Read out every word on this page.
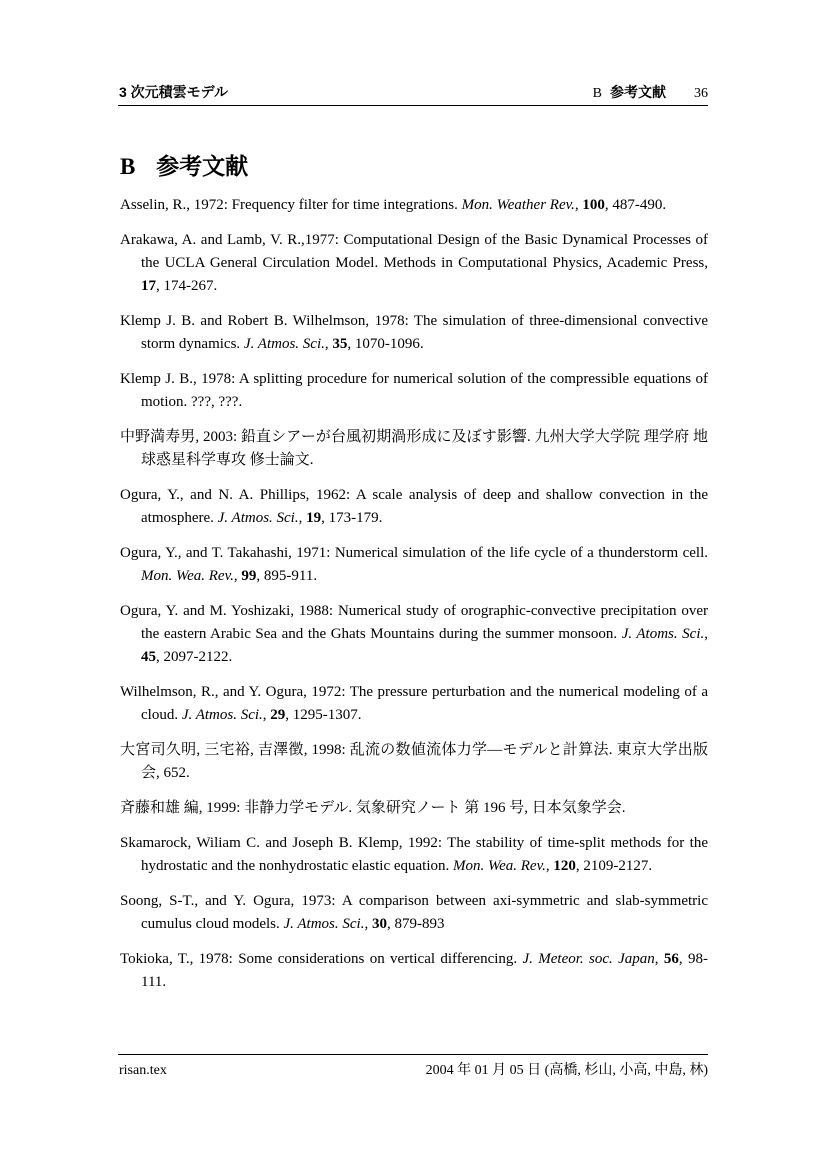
3 次元積雲モデル	B 参考文献 36
B 参考文献

Asselin, R., 1972: Frequency filter for time integrations. Mon. Weather Rev., 100, 487-490.

Arakawa, A. and Lamb, V. R.,1977: Computational Design of the Basic Dynamical Processes of the UCLA General Circulation Model. Methods in Computational Physics, Academic Press, 17, 174-267.

Klemp J. B. and Robert B. Wilhelmson, 1978: The simulation of three-dimensional convective storm dynamics. J. Atmos. Sci., 35, 1070-1096.

Klemp J. B., 1978: A splitting procedure for numerical solution of the compressible equations of motion. ???, ???.

中野満寿男, 2003: 鉛直シアーが台風初期渦形成に及ぼす影響. 九州大学大学院 理学府 地球惑星科学専攻 修士論文.

Ogura, Y., and N. A. Phillips, 1962: A scale analysis of deep and shallow convection in the atmosphere. J. Atmos. Sci., 19, 173-179.

Ogura, Y., and T. Takahashi, 1971: Numerical simulation of the life cycle of a thunderstorm cell. Mon. Wea. Rev., 99, 895-911.

Ogura, Y. and M. Yoshizaki, 1988: Numerical study of orographic-convective precipitation over the eastern Arabic Sea and the Ghats Mountains during the summer monsoon. J. Atoms. Sci., 45, 2097-2122.

Wilhelmson, R., and Y. Ogura, 1972: The pressure perturbation and the numerical modeling of a cloud. J. Atmos. Sci., 29, 1295-1307.

大宮司久明, 三宅裕, 吉澤徴, 1998: 乱流の数値流体力学—モデルと計算法. 東京大学出版会, 652.

斉藤和雄 編, 1999: 非静力学モデル. 気象研究ノート 第 196 号, 日本気象学会.

Skamarock, Wiliam C. and Joseph B. Klemp, 1992: The stability of time-split methods for the hydrostatic and the nonhydrostatic elastic equation. Mon. Wea. Rev., 120, 2109-2127.

Soong, S-T., and Y. Ogura, 1973: A comparison between axi-symmetric and slab-symmetric cumulus cloud models. J. Atmos. Sci., 30, 879-893

Tokioka, T., 1978: Some considerations on vertical differencing. J. Meteor. soc. Japan, 56, 98-111.

risan.tex	2004 年 01 月 05 日 (高橋, 杉山, 小高, 中島, 林)
